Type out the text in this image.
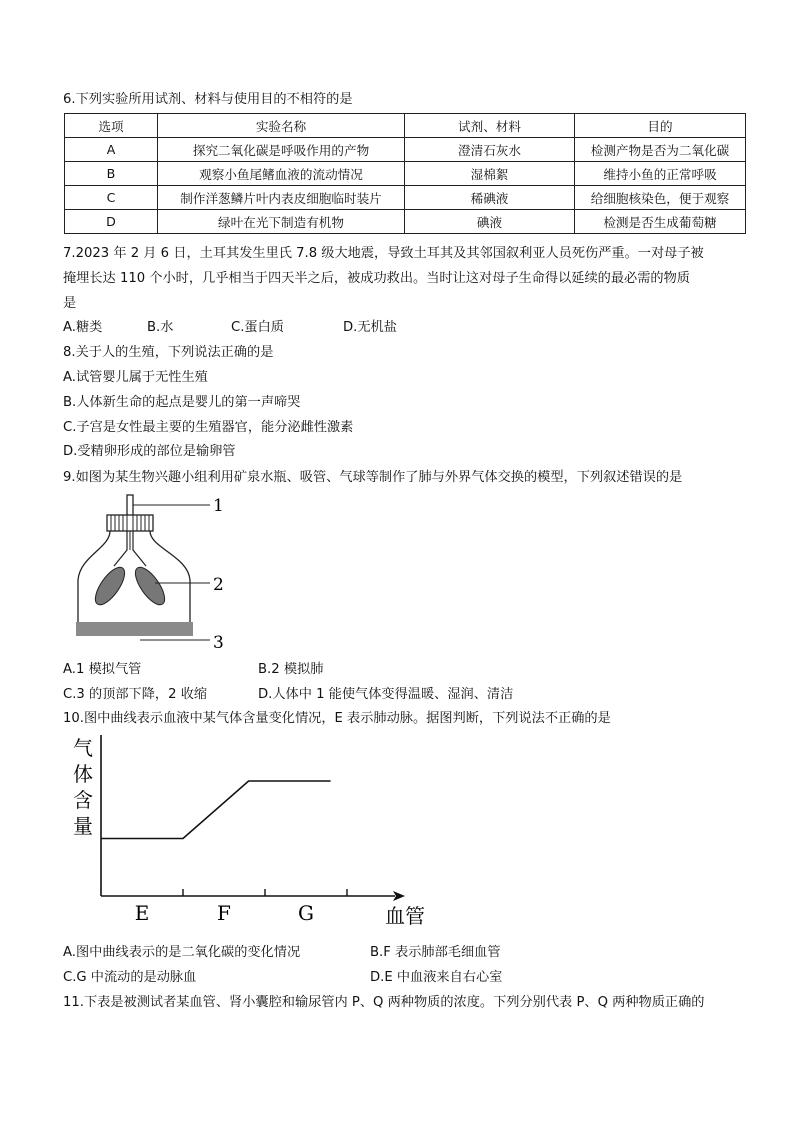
6.下列实验所用试剂、材料与使用目的不相符的是
选项	实验名称	试剂、材料	目的
A	探究二氧化碳是呼吸作用的产物	澄清石灰水	检测产物是否为二氧化碳
B	观察小鱼尾鳍血液的流动情况	湿棉絮	维持小鱼的正常呼吸
C	制作洋葱鳞片叶内表皮细胞临时装片	稀碘液	给细胞核染色，便于观察
D	绿叶在光下制造有机物	碘液	检测是否生成葡萄糖
7.2023 年 2 月 6 日，土耳其发生里氏 7.8 级大地震，导致土耳其及其邻国叙利亚人员死伤严重。一对母子被
掩埋长达 110 个小时，几乎相当于四天半之后，被成功救出。当时让这对母子生命得以延续的最必需的物质
是
A.糖类	B.水	C.蛋白质	D.无机盐
8.关于人的生殖，下列说法正确的是
A.试管婴儿属于无性生殖
B.人体新生命的起点是婴儿的第一声啼哭
C.子宫是女性最主要的生殖器官，能分泌雌性激素
D.受精卵形成的部位是输卵管
9.如图为某生物兴趣小组利用矿泉水瓶、吸管、气球等制作了肺与外界气体交换的模型，下列叙述错误的是
1
2
3
A.1 模拟气管	B.2 模拟肺
C.3 的顶部下降，2 收缩	D.人体中 1 能使气体变得温暖、湿润、清洁
10.图中曲线表示血液中某气体含量变化情况，E 表示肺动脉。据图判断，下列说法不正确的是
气
体
含
量
血管
E	F	G
A.图中曲线表示的是二氧化碳的变化情况	B.F 表示肺部毛细血管
C.G 中流动的是动脉血	D.E 中血液来自右心室
11.下表是被测试者某血管、肾小囊腔和输尿管内 P、Q 两种物质的浓度。下列分别代表 P、Q 两种物质正确的
